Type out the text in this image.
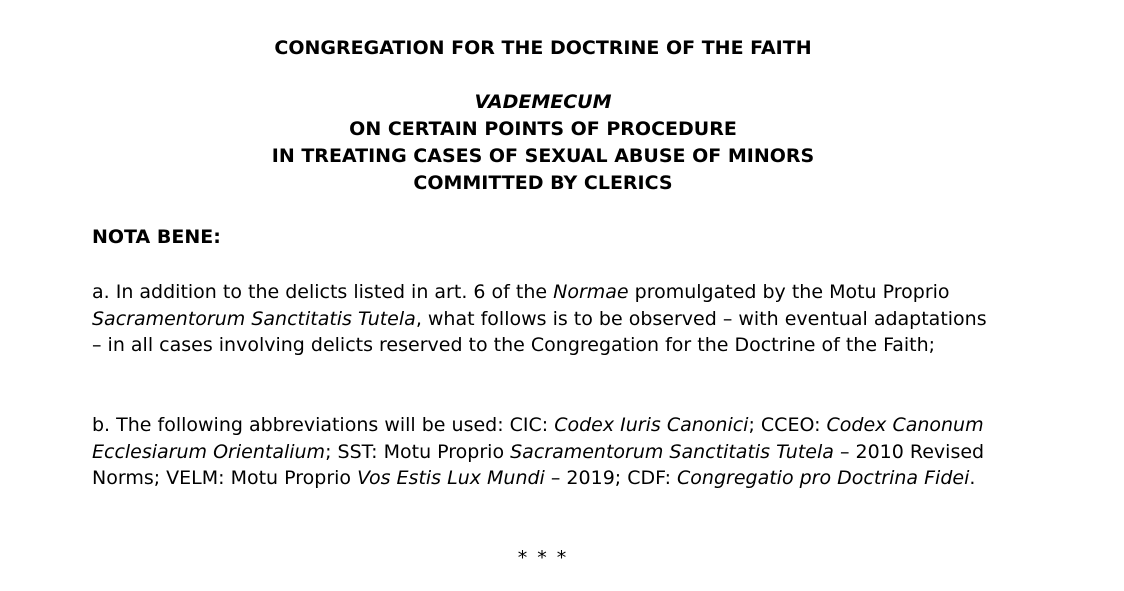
CONGREGATION FOR THE DOCTRINE OF THE FAITH
VADEMECUM
ON CERTAIN POINTS OF PROCEDURE
IN TREATING CASES OF SEXUAL ABUSE OF MINORS
COMMITTED BY CLERICS
NOTA BENE:

a. In addition to the delicts listed in art. 6 of the Normae promulgated by the Motu Proprio Sacramentorum Sanctitatis Tutela, what follows is to be observed – with eventual adaptations – in all cases involving delicts reserved to the Congregation for the Doctrine of the Faith;

b. The following abbreviations will be used: CIC: Codex Iuris Canonici; CCEO: Codex Canonum Ecclesiarum Orientalium; SST: Motu Proprio Sacramentorum Sanctitatis Tutela – 2010 Revised Norms; VELM: Motu Proprio Vos Estis Lux Mundi – 2019; CDF: Congregatio pro Doctrina Fidei.

* * *
